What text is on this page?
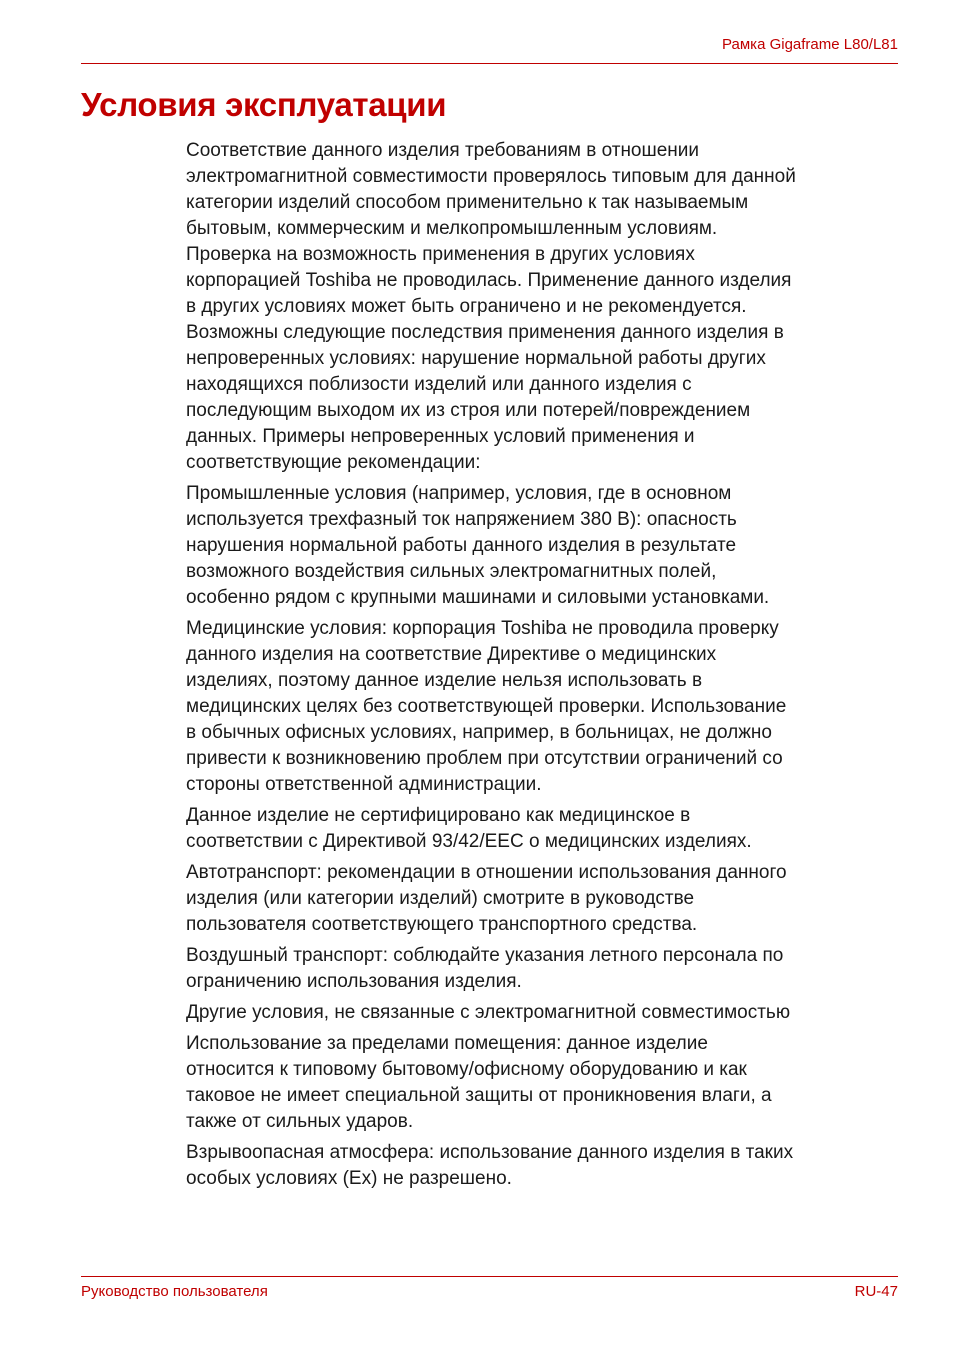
Рамка Gigaframe L80/L81
Условия эксплуатации

Соответствие данного изделия требованиям в отношении
электромагнитной совместимости проверялось типовым для данной
категории изделий способом применительно к так называемым
бытовым, коммерческим и мелкопромышленным условиям.
Проверка на возможность применения в других условиях
корпорацией Toshiba не проводилась. Применение данного изделия
в других условиях может быть ограничено и не рекомендуется.
Возможны следующие последствия применения данного изделия в
непроверенных условиях: нарушение нормальной работы других
находящихся поблизости изделий или данного изделия с
последующим выходом их из строя или потерей/повреждением
данных. Примеры непроверенных условий применения и
соответствующие рекомендации:

Промышленные условия (например, условия, где в основном
используется трехфазный ток напряжением 380 В): опасность
нарушения нормальной работы данного изделия в результате
возможного воздействия сильных электромагнитных полей,
особенно рядом с крупными машинами и силовыми установками.

Медицинские условия: корпорация Toshiba не проводила проверку
данного изделия на соответствие Директиве о медицинских
изделиях, поэтому данное изделие нельзя использовать в
медицинских целях без соответствующей проверки. Использование
в обычных офисных условиях, например, в больницах, не должно
привести к возникновению проблем при отсутствии ограничений со
стороны ответственной администрации.

Данное изделие не сертифицировано как медицинское в
соответствии с Директивой 93/42/EEC о медицинских изделиях.

Автотранспорт: рекомендации в отношении использования данного
изделия (или категории изделий) смотрите в руководстве
пользователя соответствующего транспортного средства.

Воздушный транспорт: соблюдайте указания летного персонала по
ограничению использования изделия.

Другие условия, не связанные с электромагнитной совместимостью

Использование за пределами помещения: данное изделие
относится к типовому бытовому/офисному оборудованию и как
таковое не имеет специальной защиты от проникновения влаги, а
также от сильных ударов.

Взрывоопасная атмосфера: использование данного изделия в таких
особых условиях (Ex) не разрешено.

Руководство пользователя	RU-47
